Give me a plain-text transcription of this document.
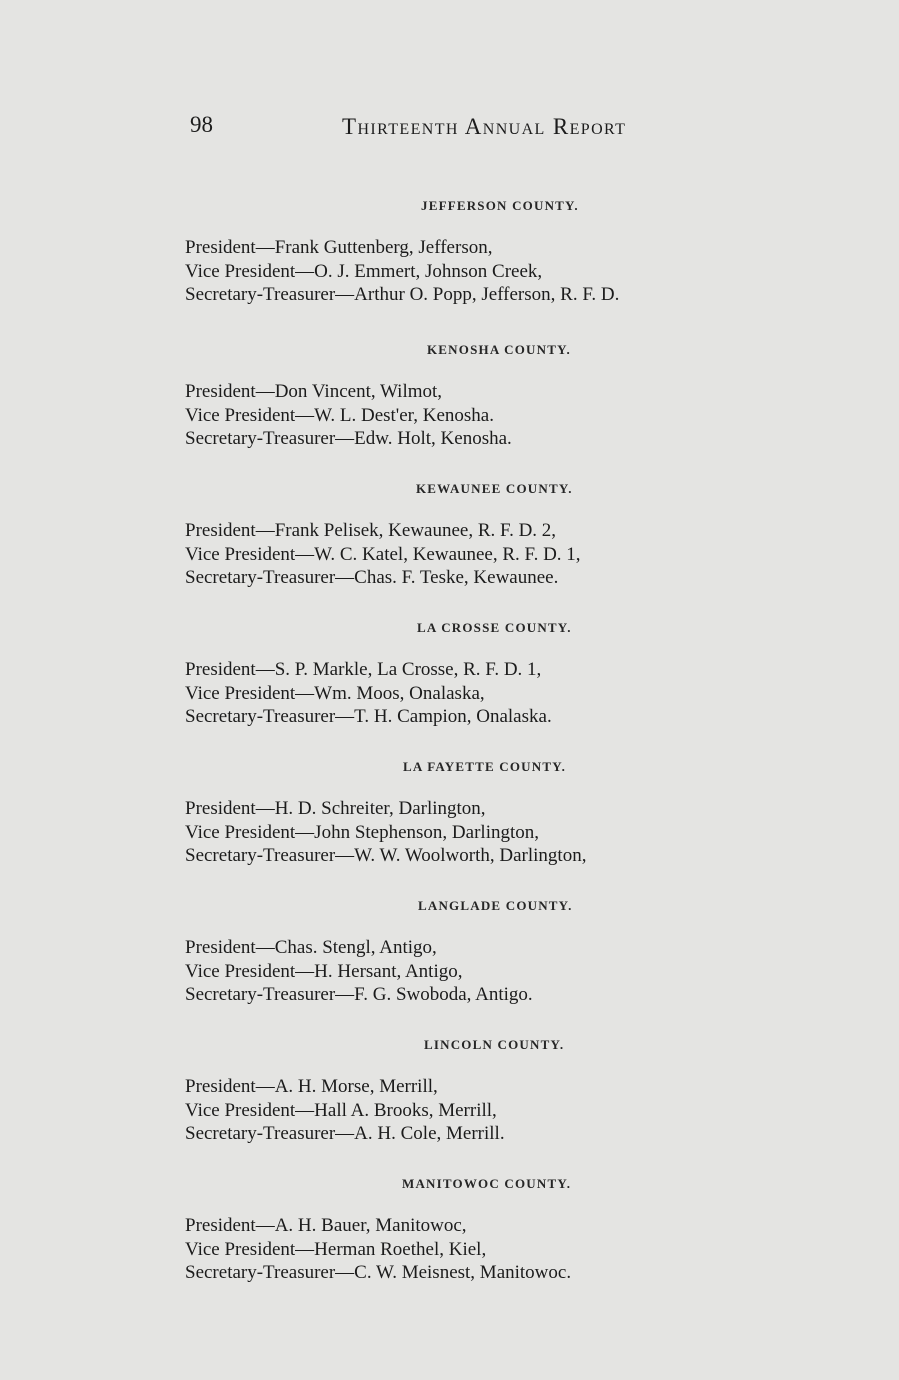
98	Thirteenth Annual Report
JEFFERSON COUNTY.
President—Frank Guttenberg, Jefferson,
Vice President—O. J. Emmert, Johnson Creek,
Secretary-Treasurer—Arthur O. Popp, Jefferson, R. F. D.
KENOSHA COUNTY.
President—Don Vincent, Wilmot,
Vice President—W. L. Dest'er, Kenosha.
Secretary-Treasurer—Edw. Holt, Kenosha.
KEWAUNEE COUNTY.
President—Frank Pelisek, Kewaunee, R. F. D. 2,
Vice President—W. C. Katel, Kewaunee, R. F. D. 1,
Secretary-Treasurer—Chas. F. Teske, Kewaunee.
LA CROSSE COUNTY.
President—S. P. Markle, La Crosse, R. F. D. 1,
Vice President—Wm. Moos, Onalaska,
Secretary-Treasurer—T. H. Campion, Onalaska.
LA FAYETTE COUNTY.
President—H. D. Schreiter, Darlington,
Vice President—John Stephenson, Darlington,
Secretary-Treasurer—W. W. Woolworth, Darlington,
LANGLADE COUNTY.
President—Chas. Stengl, Antigo,
Vice President—H. Hersant, Antigo,
Secretary-Treasurer—F. G. Swoboda, Antigo.
LINCOLN COUNTY.
President—A. H. Morse, Merrill,
Vice President—Hall A. Brooks, Merrill,
Secretary-Treasurer—A. H. Cole, Merrill.
MANITOWOC COUNTY.
President—A. H. Bauer, Manitowoc,
Vice President—Herman Roethel, Kiel,
Secretary-Treasurer—C. W. Meisnest, Manitowoc.
